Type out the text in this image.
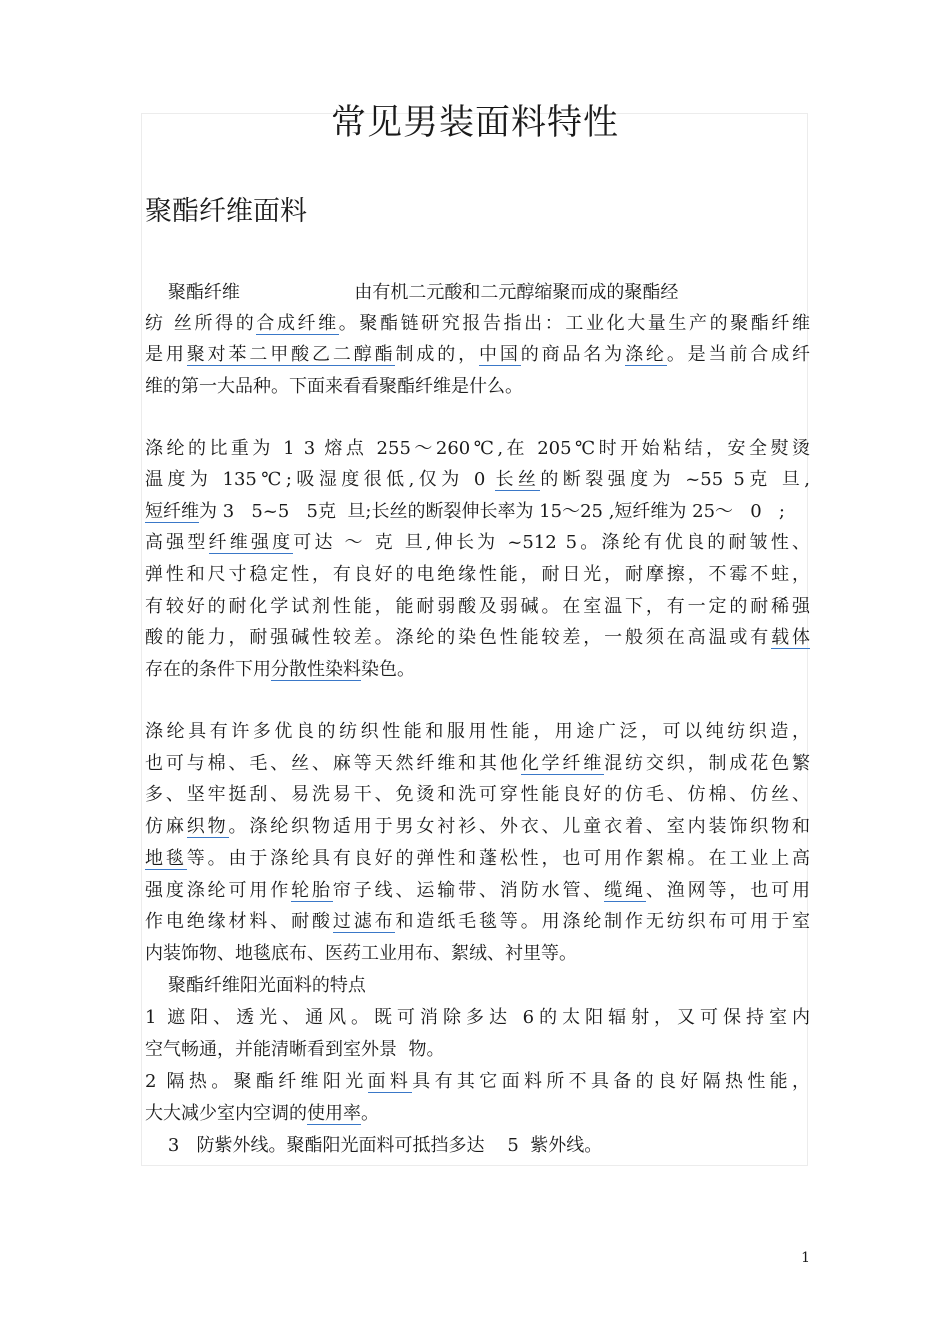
常见男装面料特性
聚酯纤维面料
聚酯纤维                    由有机二元酸和二元醇缩聚而成的聚酯经
纺 丝所得的合成纤维。聚酯链研究报告指出：工业化大量生产的聚酯纤维
是用聚对苯二甲酸乙二醇酯制成的，中国的商品名为涤纶。是当前合成纤
维的第一大品种。下面来看看聚酯纤维是什么。
涤纶的比重为 1 3 熔点 255～260℃,在 205℃时开始粘结，安全熨烫
温度为 135℃;吸湿度很低,仅为 0 长丝的断裂强度为 ~55 5克 旦,
短纤维为 3   5~5   5克  旦;长丝的断裂伸长率为 15～25 ,短纤维为 25～   0   ;
高强型纤维强度可达 ～ 克 旦,伸长为 ~512 5。涤纶有优良的耐皱性、
弹性和尺寸稳定性，有良好的电绝缘性能，耐日光，耐摩擦，不霉不蛀，
有较好的耐化学试剂性能，能耐弱酸及弱碱。在室温下，有一定的耐稀强
酸的能力，耐强碱性较差。涤纶的染色性能较差，一般须在高温或有载体
存在的条件下用分散性染料染色。
涤纶具有许多优良的纺织性能和服用性能，用途广泛，可以纯纺织造，
也可与棉、毛、丝、麻等天然纤维和其他化学纤维混纺交织，制成花色繁
多、坚牢挺刮、易洗易干、免烫和洗可穿性能良好的仿毛、仿棉、仿丝、
仿麻织物。涤纶织物适用于男女衬衫、外衣、儿童衣着、室内装饰织物和
地毯等。由于涤纶具有良好的弹性和蓬松性，也可用作絮棉。在工业上高
强度涤纶可用作轮胎帘子线、运输带、消防水管、缆绳、渔网等，也可用
作电绝缘材料、耐酸过滤布和造纸毛毯等。用涤纶制作无纺织布可用于室
内装饰物、地毯底布、医药工业用布、絮绒、衬里等。
聚酯纤维阳光面料的特点
1 遮阳、透光、通风。既可消除多达 6的太阳辐射，又可保持室内
空气畅通，并能清晰看到室外景  物。
2 隔热。聚酯纤维阳光面料具有其它面料所不具备的良好隔热性能，
大大减少室内空调的使用率。
3   防紫外线。聚酯阳光面料可抵挡多达    5  紫外线。
1
